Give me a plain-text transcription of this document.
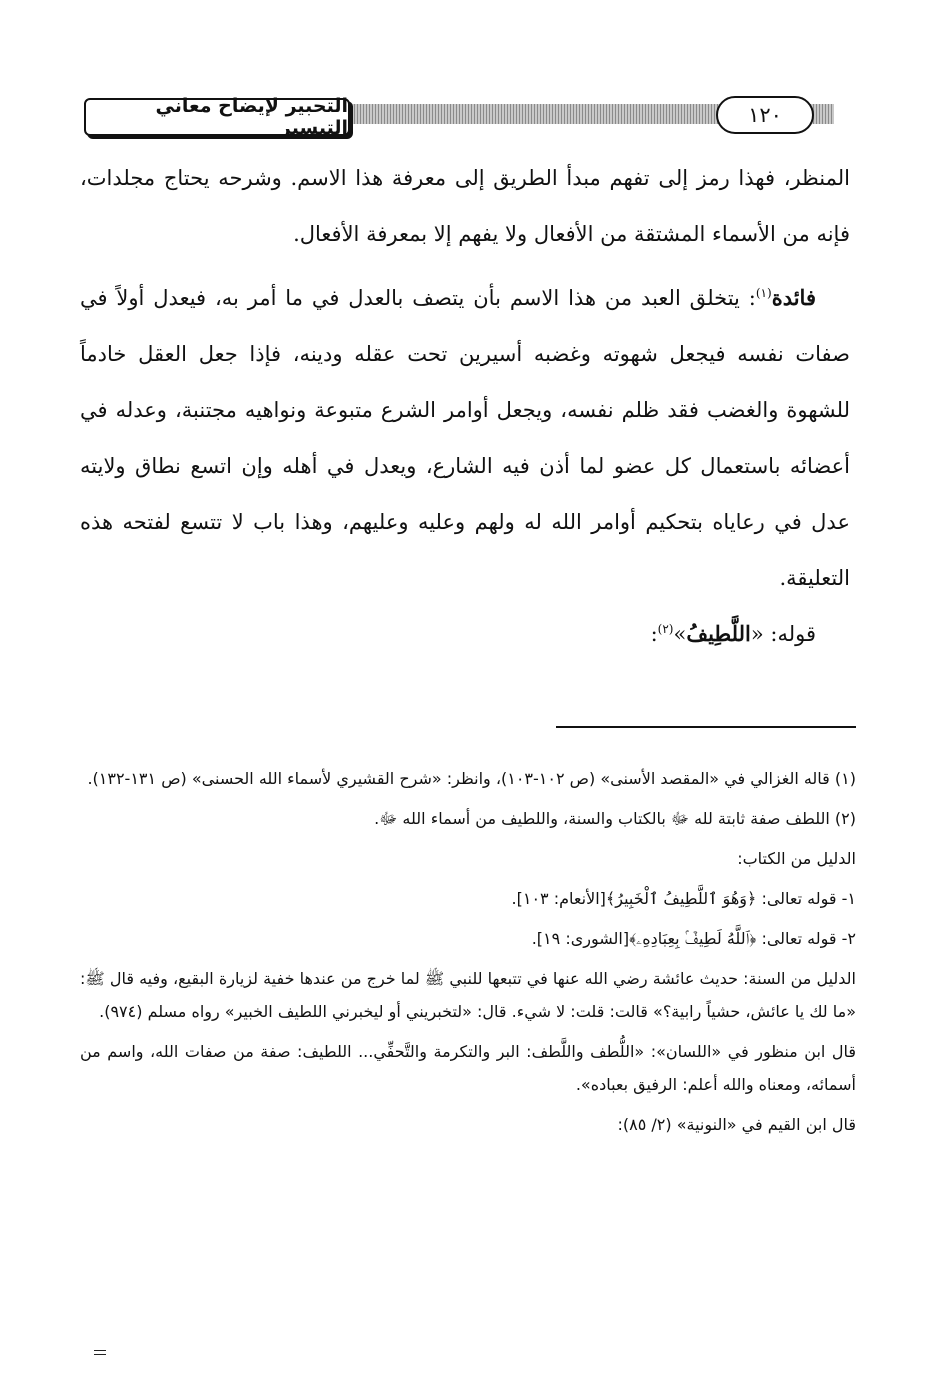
التحبير لإيضاح معاني التيسير
١٢٠

المنظر، فهذا رمز إلى تفهم مبدأ الطريق إلى معرفة هذا الاسم. وشرحه يحتاج مجلدات، فإنه من الأسماء المشتقة من الأفعال ولا يفهم إلا بمعرفة الأفعال.

فائدة$^{(١)}$: يتخلق العبد من هذا الاسم بأن يتصف بالعدل في ما أمر به، فيعدل أولاً في صفات نفسه فيجعل شهوته وغضبه أسيرين تحت عقله ودينه، فإذا جعل العقل خادماً للشهوة والغضب فقد ظلم نفسه، ويجعل أوامر الشرع متبوعة ونواهيه مجتنبة، وعدله في أعضائه باستعمال كل عضو لما أذن فيه الشارع، ويعدل في أهله وإن اتسع نطاق ولايته عدل في رعاياه بتحكيم أوامر الله له ولهم وعليه وعليهم، وهذا باب لا تتسع لفتحه هذه التعليقة.

قوله: «اللَّطِيفُ»$^{(٢)}$:

(١) قاله الغزالي في «المقصد الأسنى» (ص ١٠٢-١٠٣)، وانظر: «شرح القشيري لأسماء الله الحسنى» (ص ١٣١-١٣٢).

(٢) اللطف صفة ثابتة لله ﷻ بالكتاب والسنة، واللطيف من أسماء الله ﷻ.

الدليل من الكتاب:

١- قوله تعالى: ﴿وَهُوَ ٱللَّطِيفُ ٱلْخَبِيرُ﴾[الأنعام: ١٠٣].

٢- قوله تعالى: ﴿ٱللَّهُ لَطِيفٌۢ بِعِبَادِهِۦ﴾[الشورى: ١٩].

الدليل من السنة: حديث عائشة رضي الله عنها في تتبعها للنبي ﷺ لما خرج من عندها خفية لزيارة البقيع، وفيه قال ﷺ: «ما لك يا عائش، حشياً رابية؟» قالت: قلت: لا شيء. قال: «لتخبريني أو ليخبرني اللطيف الخبير» رواه مسلم (٩٧٤).

قال ابن منظور في «اللسان»: «اللُّطف واللَّطف: البر والتكرمة والتَّحفِّي... اللطيف: صفة من صفات الله، واسم من أسمائه، ومعناه والله أعلم: الرفيق بعباده».

قال ابن القيم في «النونية» (٢/ ٨٥):
